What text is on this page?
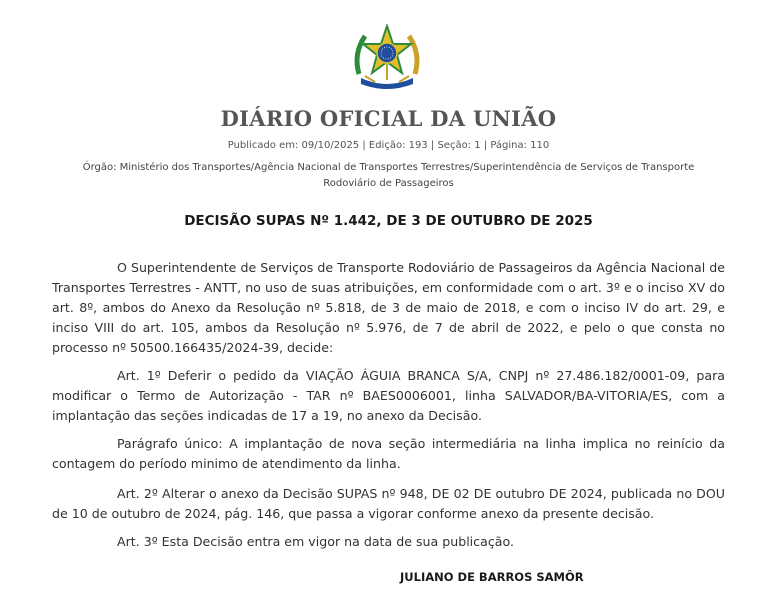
DIÁRIO OFICIAL DA UNIÃO
Publicado em: 09/10/2025 | Edição: 193 | Seção: 1 | Página: 110
Órgão: Ministério dos Transportes/Agência Nacional de Transportes Terrestres/Superintendência de Serviços de Transporte Rodoviário de Passageiros
DECISÃO SUPAS Nº 1.442, DE 3 DE OUTUBRO DE 2025
O Superintendente de Serviços de Transporte Rodoviário de Passageiros da Agência Nacional de Transportes Terrestres - ANTT, no uso de suas atribuições, em conformidade com o art. 3º e o inciso XV do art. 8º, ambos do Anexo da Resolução nº 5.818, de 3 de maio de 2018, e com o inciso IV do art. 29, e inciso VIII do art. 105, ambos da Resolução nº 5.976, de 7 de abril de 2022, e pelo o que consta no processo nº 50500.166435/2024-39, decide:
Art. 1º Deferir o pedido da VIAÇÃO ÁGUIA BRANCA S/A, CNPJ nº 27.486.182/0001-09, para modificar o Termo de Autorização - TAR nº BAES0006001, linha SALVADOR/BA-VITORIA/ES, com a implantação das seções indicadas de 17 a 19, no anexo da Decisão.
Parágrafo único: A implantação de nova seção intermediária na linha implica no reinício da contagem do período minimo de atendimento da linha.
Art. 2º Alterar o anexo da Decisão SUPAS nº 948, DE 02 DE outubro DE 2024, publicada no DOU de 10 de outubro de 2024, pág. 146, que passa a vigorar conforme anexo da presente decisão.
Art. 3º Esta Decisão entra em vigor na data de sua publicação.
JULIANO DE BARROS SAMÔR
